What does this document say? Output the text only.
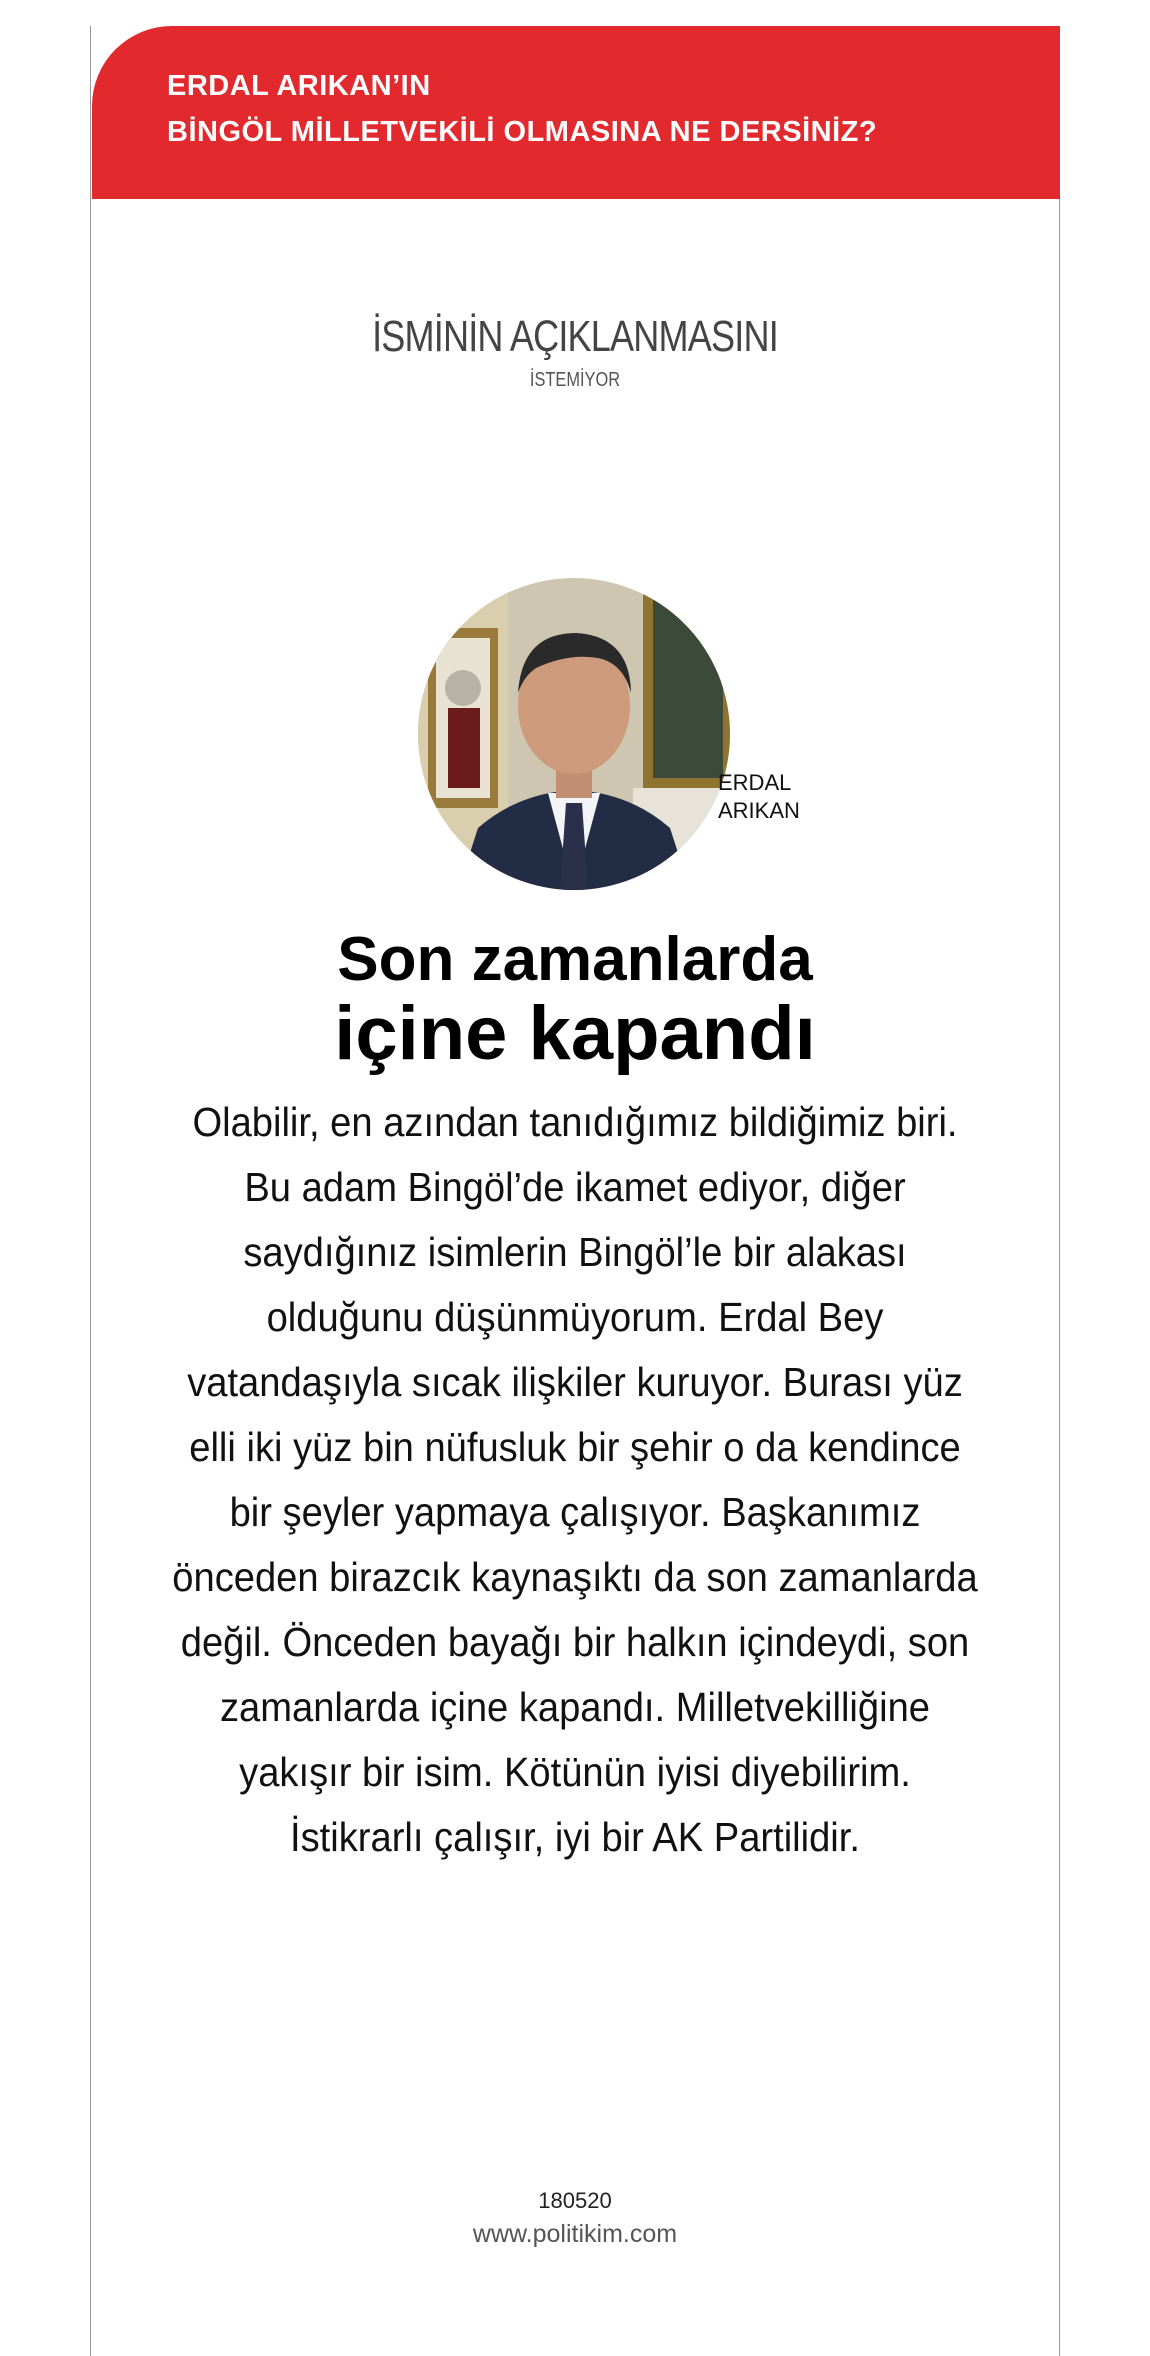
ERDAL ARIKAN’IN
BİNGÖL MİLLETVEKİLİ OLMASINA NE DERSİNİZ?
İSMİNİN AÇIKLANMASINI
İSTEMİYOR
ERDAL
ARIKAN
Son zamanlarda
içine kapandı
Olabilir, en azından tanıdığımız bildiğimiz biri. Bu adam Bingöl’de ikamet ediyor, diğer saydığınız isimlerin Bingöl’le bir alakası olduğunu düşünmüyorum. Erdal Bey vatandaşıyla sıcak ilişkiler kuruyor. Burası yüz elli iki yüz bin nüfusluk bir şehir o da kendince bir şeyler yapmaya çalışıyor. Başkanımız önceden birazcık kaynaşıktı da son zamanlarda değil. Önceden bayağı bir halkın içindeydi, son zamanlarda içine kapandı. Milletvekilliğine yakışır bir isim. Kötünün iyisi diyebilirim. İstikrarlı çalışır, iyi bir AK Partilidir.
180520
www.politikim.com
